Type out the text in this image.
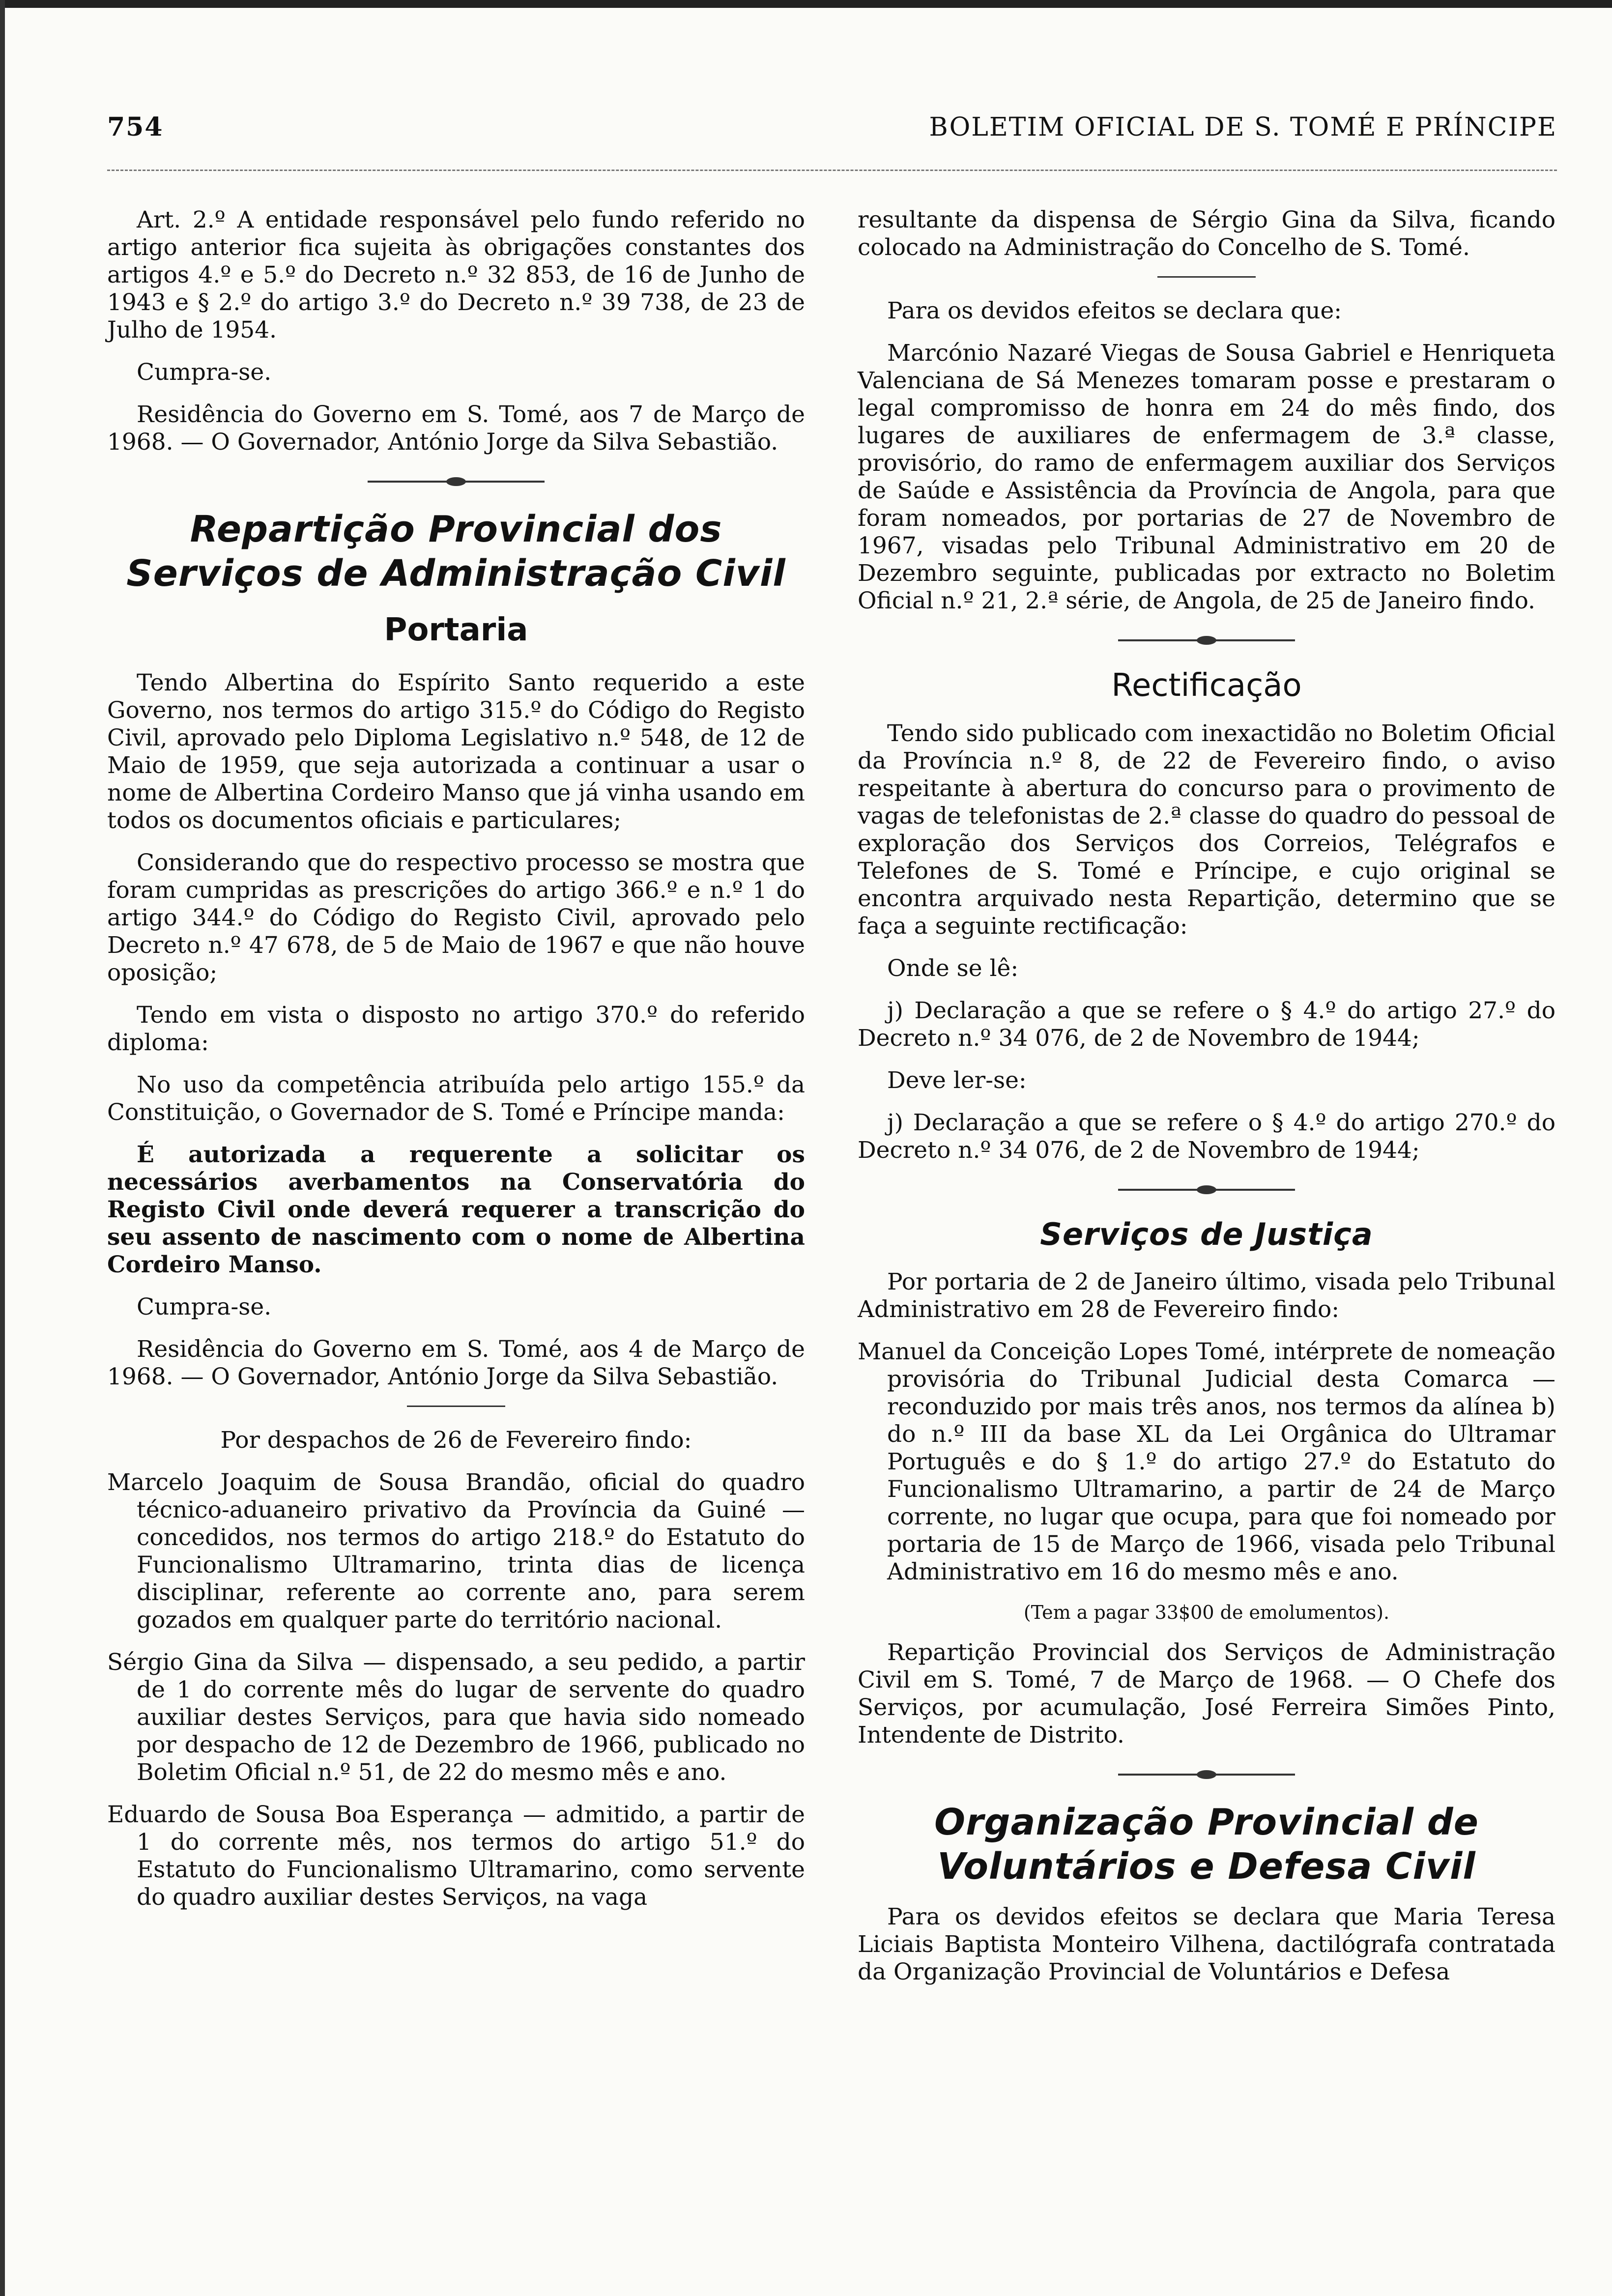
754	BOLETIM OFICIAL DE S. TOMÉ E PRÍNCIPE

Art. 2.º A entidade responsável pelo fundo referido no artigo anterior fica sujeita às obrigações constantes dos artigos 4.º e 5.º do Decreto n.º 32 853, de 16 de Junho de 1943 e § 2.º do artigo 3.º do Decreto n.º 39 738, de 23 de Julho de 1954.

Cumpra-se.

Residência do Governo em S. Tomé, aos 7 de Março de 1968. — O Governador, António Jorge da Silva Sebastião.

Repartição Provincial dos Serviços de Administração Civil
Portaria

Tendo Albertina do Espírito Santo requerido a este Governo, nos termos do artigo 315.º do Código do Registo Civil, aprovado pelo Diploma Legislativo n.º 548, de 12 de Maio de 1959, que seja autorizada a continuar a usar o nome de Albertina Cordeiro Manso que já vinha usando em todos os documentos oficiais e particulares;

Considerando que do respectivo processo se mostra que foram cumpridas as prescrições do artigo 366.º e n.º 1 do artigo 344.º do Código do Registo Civil, aprovado pelo Decreto n.º 47 678, de 5 de Maio de 1967 e que não houve oposição;

Tendo em vista o disposto no artigo 370.º do referido diploma:

No uso da competência atribuída pelo artigo 155.º da Constituição, o Governador de S. Tomé e Príncipe manda:

É autorizada a requerente a solicitar os necessários averbamentos na Conservatória do Registo Civil onde deverá requerer a transcrição do seu assento de nascimento com o nome de Albertina Cordeiro Manso.

Cumpra-se.

Residência do Governo em S. Tomé, aos 4 de Março de 1968. — O Governador, António Jorge da Silva Sebastião.

Por despachos de 26 de Fevereiro findo:

Marcelo Joaquim de Sousa Brandão, oficial do quadro técnico-aduaneiro privativo da Província da Guiné — concedidos, nos termos do artigo 218.º do Estatuto do Funcionalismo Ultramarino, trinta dias de licença disciplinar, referente ao corrente ano, para serem gozados em qualquer parte do território nacional.

Sérgio Gina da Silva — dispensado, a seu pedido, a partir de 1 do corrente mês do lugar de servente do quadro auxiliar destes Serviços, para que havia sido nomeado por despacho de 12 de Dezembro de 1966, publicado no Boletim Oficial n.º 51, de 22 do mesmo mês e ano.

Eduardo de Sousa Boa Esperança — admitido, a partir de 1 do corrente mês, nos termos do artigo 51.º do Estatuto do Funcionalismo Ultramarino, como servente do quadro auxiliar destes Serviços, na vaga

resultante da dispensa de Sérgio Gina da Silva, ficando colocado na Administração do Concelho de S. Tomé.

Para os devidos efeitos se declara que:

Marcónio Nazaré Viegas de Sousa Gabriel e Henriqueta Valenciana de Sá Menezes tomaram posse e prestaram o legal compromisso de honra em 24 do mês findo, dos lugares de auxiliares de enfermagem de 3.ª classe, provisório, do ramo de enfermagem auxiliar dos Serviços de Saúde e Assistência da Província de Angola, para que foram nomeados, por portarias de 27 de Novembro de 1967, visadas pelo Tribunal Administrativo em 20 de Dezembro seguinte, publicadas por extracto no Boletim Oficial n.º 21, 2.ª série, de Angola, de 25 de Janeiro findo.

Rectificação

Tendo sido publicado com inexactidão no Boletim Oficial da Província n.º 8, de 22 de Fevereiro findo, o aviso respeitante à abertura do concurso para o provimento de vagas de telefonistas de 2.ª classe do quadro do pessoal de exploração dos Serviços dos Correios, Telégrafos e Telefones de S. Tomé e Príncipe, e cujo original se encontra arquivado nesta Repartição, determino que se faça a seguinte rectificação:

Onde se lê:

j) Declaração a que se refere o § 4.º do artigo 27.º do Decreto n.º 34 076, de 2 de Novembro de 1944;

Deve ler-se:

j) Declaração a que se refere o § 4.º do artigo 270.º do Decreto n.º 34 076, de 2 de Novembro de 1944;

Serviços de Justiça

Por portaria de 2 de Janeiro último, visada pelo Tribunal Administrativo em 28 de Fevereiro findo:

Manuel da Conceição Lopes Tomé, intérprete de nomeação provisória do Tribunal Judicial desta Comarca — reconduzido por mais três anos, nos termos da alínea b) do n.º III da base XL da Lei Orgânica do Ultramar Português e do § 1.º do artigo 27.º do Estatuto do Funcionalismo Ultramarino, a partir de 24 de Março corrente, no lugar que ocupa, para que foi nomeado por portaria de 15 de Março de 1966, visada pelo Tribunal Administrativo em 16 do mesmo mês e ano.

(Tem a pagar 33$00 de emolumentos).

Repartição Provincial dos Serviços de Administração Civil em S. Tomé, 7 de Março de 1968. — O Chefe dos Serviços, por acumulação, José Ferreira Simões Pinto, Intendente de Distrito.

Organização Provincial de Voluntários e Defesa Civil

Para os devidos efeitos se declara que Maria Teresa Liciais Baptista Monteiro Vilhena, dactilógrafa contratada da Organização Provincial de Voluntários e Defesa
